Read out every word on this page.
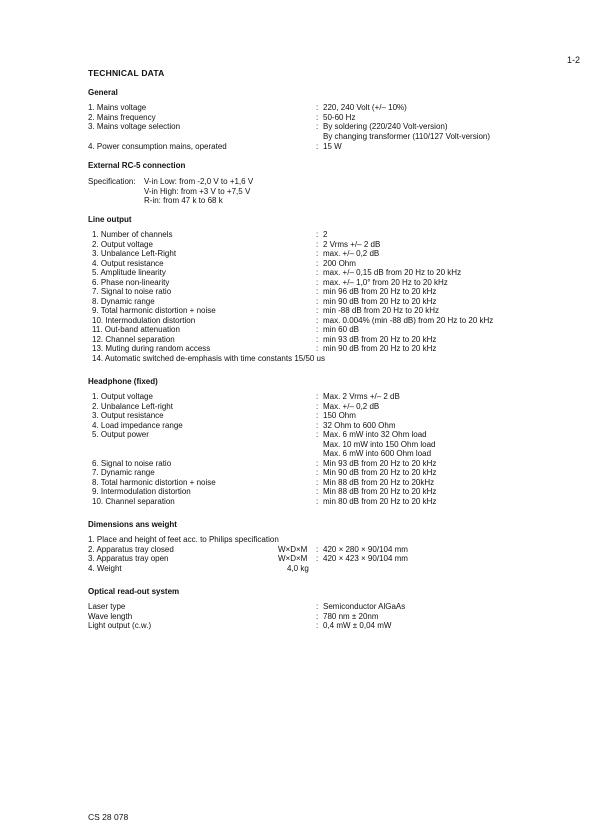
1-2
TECHNICAL DATA
General
1. Mains voltage	: 220, 240 Volt (+/– 10%)
2. Mains frequency	: 50-60 Hz
3. Mains voltage selection	: By soldering (220/240 Volt-version)
By changing transformer (110/127 Volt-version)
4. Power consumption mains, operated	: 15 W
External RC-5 connection
Specification: V-in Low: from -2,0 V to +1,6 V
V-in High: from +3 V to +7,5 V
R-in: from 47 k to 68 k
Line output
1. Number of channels	: 2
2. Output voltage	: 2 Vrms +/– 2 dB
3. Unbalance Left-Right	: max. +/– 0,2 dB
4. Output resistance	: 200 Ohm
5. Amplitude linearity	: max. +/– 0,15 dB from 20 Hz to 20 kHz
6. Phase non-linearity	: max. +/– 1,0° from 20 Hz to 20 kHz
7. Signal to noise ratio	: min 96 dB from 20 Hz to 20 kHz
8. Dynamic range	: min 90 dB from 20 Hz to 20 kHz
9. Total harmonic distortion + noise	: min -88 dB from 20 Hz to 20 kHz
10. Intermodulation distortion	: max. 0.004% (min -88 dB) from 20 Hz to 20 kHz
11. Out-band attenuation	: min 60 dB
12. Channel separation	: min 93 dB from 20 Hz to 20 kHz
13. Muting during random access	: min 90 dB from 20 Hz to 20 kHz
14. Automatic switched de-emphasis with time constants 15/50 us
Headphone (fixed)
1. Output voltage	: Max. 2 Vrms +/– 2 dB
2. Unbalance Left-right	: Max. +/– 0,2 dB
3. Output resistance	: 150 Ohm
4. Load impedance range	: 32 Ohm to 600 Ohm
5. Output power	: Max. 6 mW into 32 Ohm load
Max. 10 mW into 150 Ohm load
Max. 6 mW into 600 Ohm load
6. Signal to noise ratio	: Min 93 dB from 20 Hz to 20 kHz
7. Dynamic range	: Min 90 dB from 20 Hz to 20 kHz
8. Total harmonic distortion + noise	: Min 88 dB from 20 Hz to 20kHz
9. Intermodulation distortion	: Min 88 dB from 20 Hz to 20 kHz
10. Channel separation	: min 80 dB from 20 Hz to 20 kHz
Dimensions ans weight
1. Place and height of feet acc. to Philips specification
2. Apparatus tray closed	W×D×M : 420 × 280 × 90/104 mm
3. Apparatus tray open	W×D×M : 420 × 423 × 90/104 mm
4. Weight	4,0 kg
Optical read-out system
Laser type	: Semiconductor AlGaAs
Wave length	: 780 nm ± 20nm
Light output (c.w.)	: 0,4 mW ± 0,04 mW
CS 28 078
